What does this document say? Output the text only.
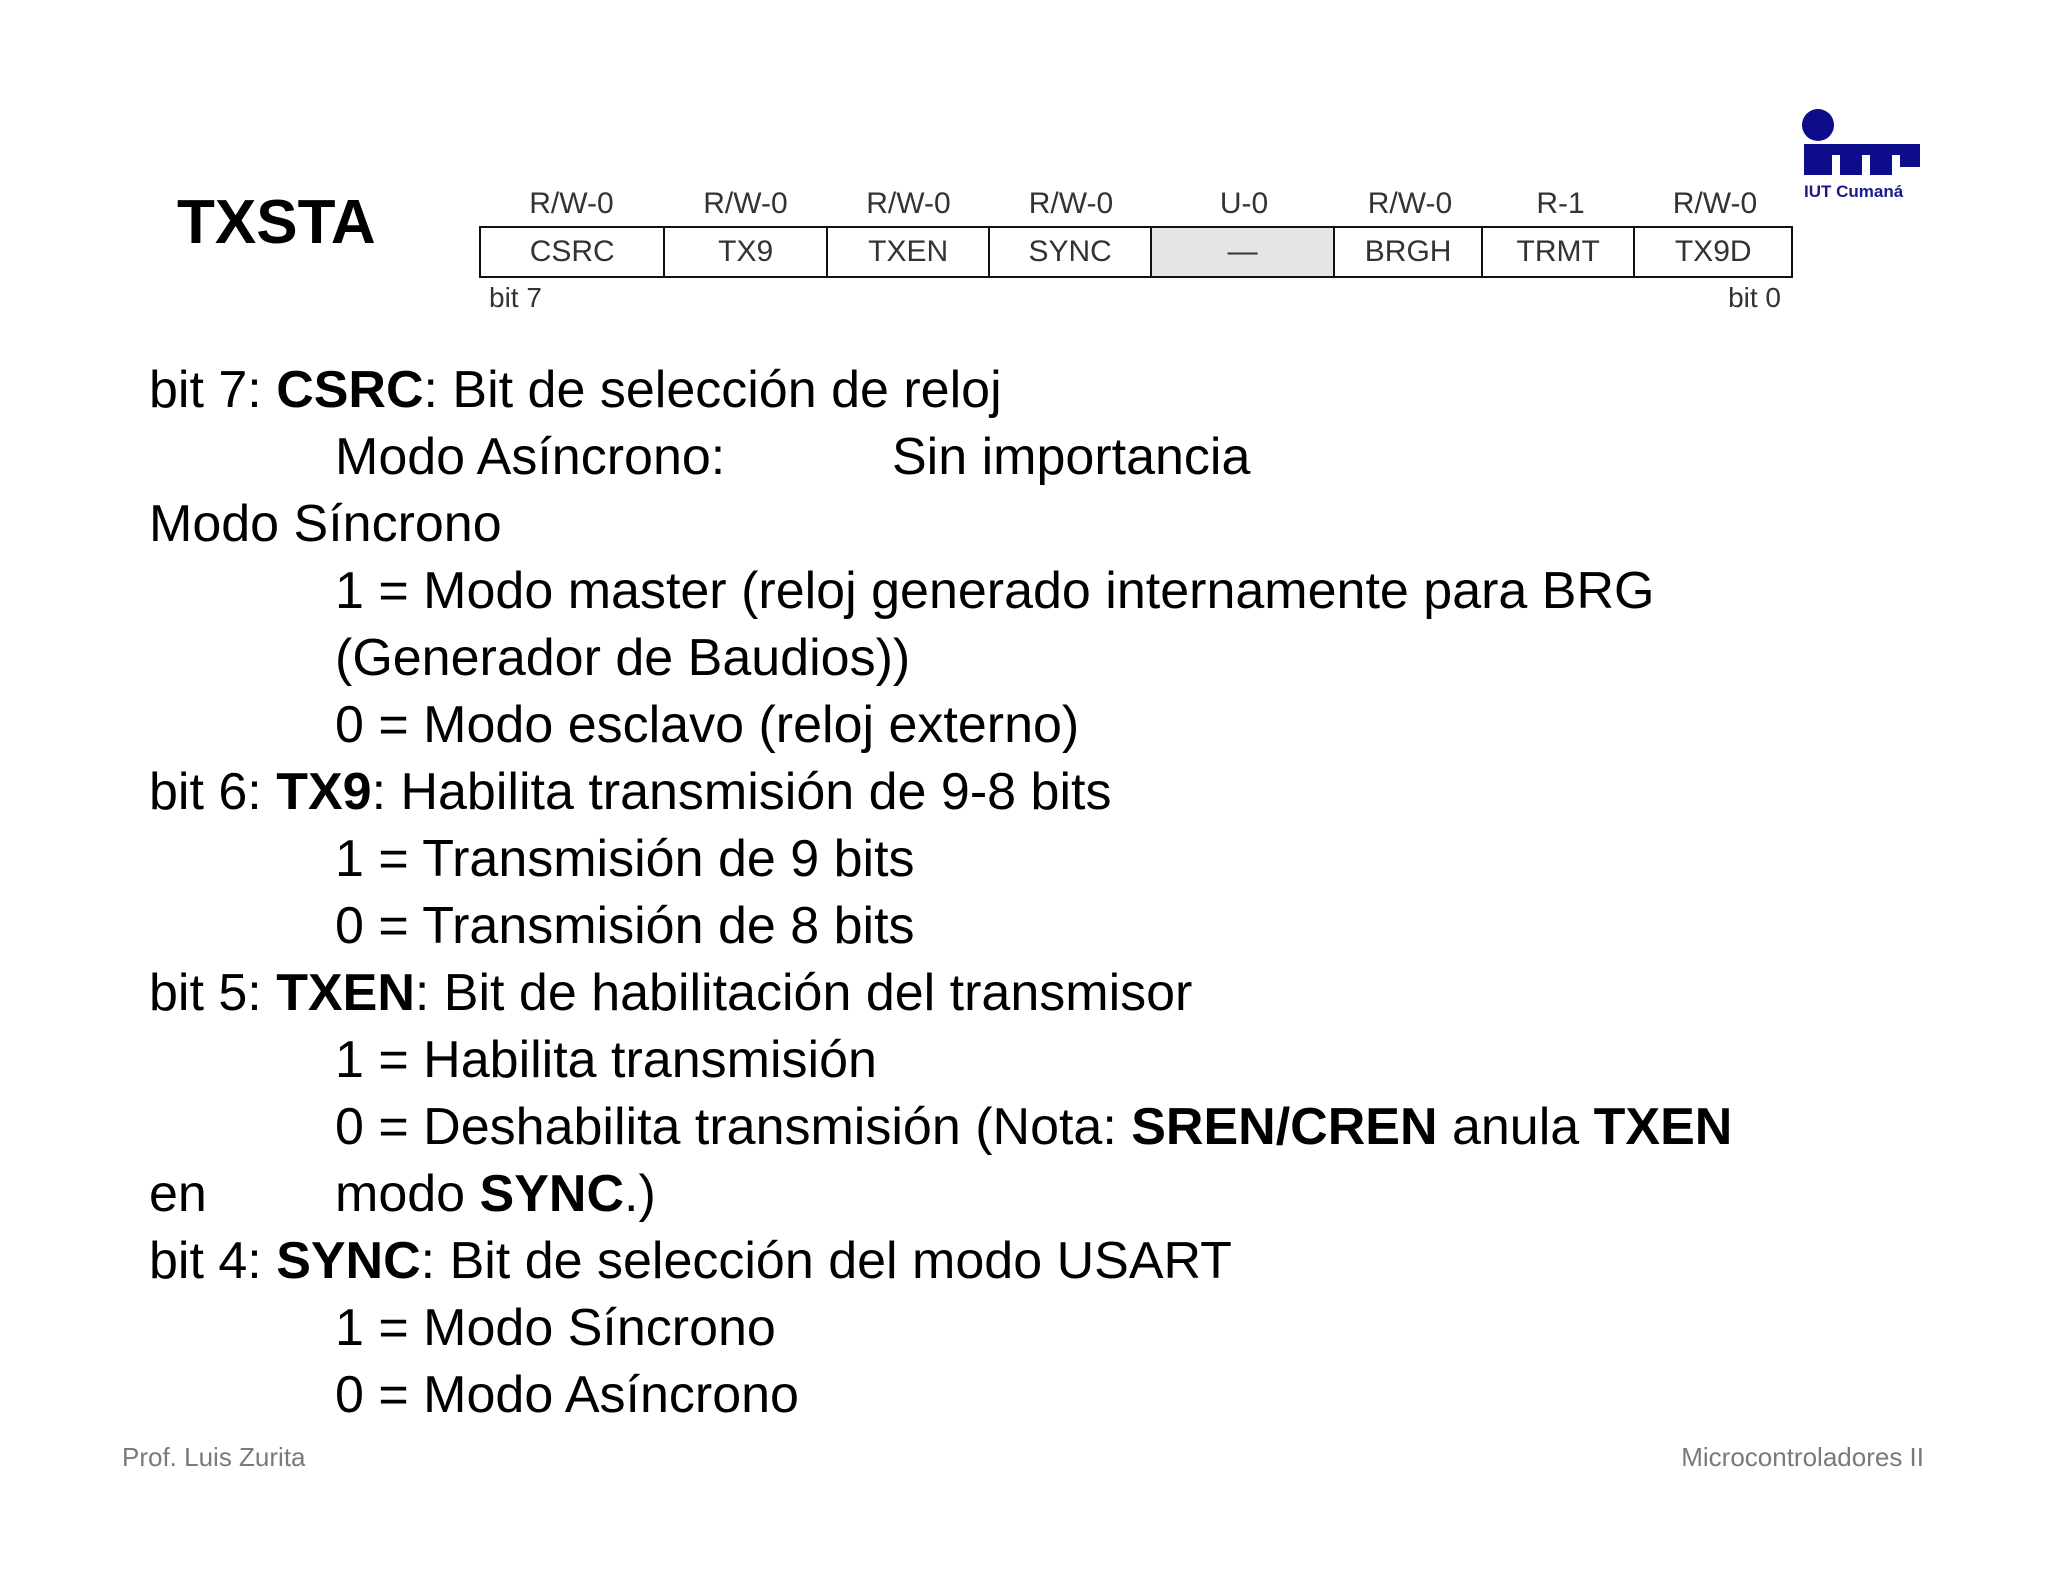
TXSTA	R/W-0	R/W-0	R/W-0	R/W-0	U-0	R/W-0	R-1	R/W-0
CSRC	TX9	TXEN	SYNC	—	BRGH	TRMT	TX9D
bit 7	bit 0
IUT Cumaná
bit 7: CSRC: Bit de selección de reloj
Modo Asíncrono:	Sin importancia
Modo Síncrono
1 = Modo master (reloj generado internamente para BRG
(Generador de Baudios))
0 = Modo esclavo (reloj externo)
bit 6: TX9: Habilita transmisión de 9-8 bits
1 = Transmisión de 9 bits
0 = Transmisión de 8 bits
bit 5: TXEN: Bit de habilitación del transmisor
1 = Habilita transmisión
0 = Deshabilita transmisión (Nota: SREN/CREN anula TXEN
en modo SYNC.)
bit 4: SYNC: Bit de selección del modo USART
1 = Modo Síncrono
0 = Modo Asíncrono
Prof. Luis Zurita	Microcontroladores II
